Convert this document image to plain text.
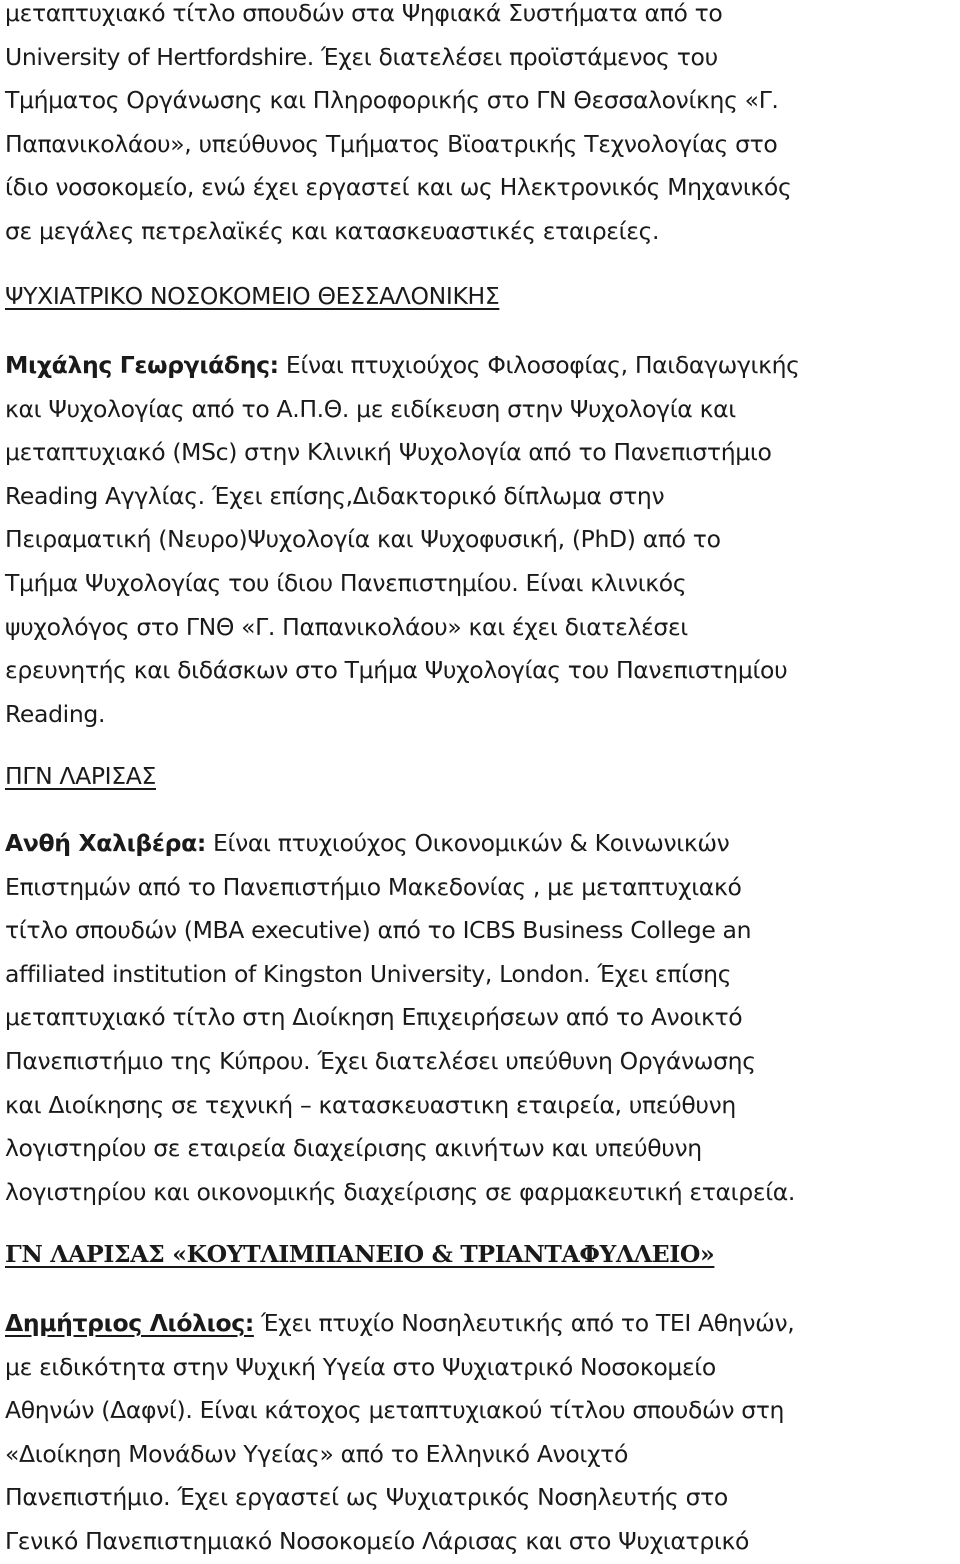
μεταπτυχιακό τίτλο σπουδών στα Ψηφιακά Συστήματα από το
University of Hertfordshire. Έχει διατελέσει προϊστάμενος του
Τμήματος Οργάνωσης και Πληροφορικής στο ΓΝ Θεσσαλονίκης «Γ.
Παπανικολάου», υπεύθυνος Τμήματος Βϊοατρικής Τεχνολογίας στο
ίδιο νοσοκομείο, ενώ έχει εργαστεί και ως Ηλεκτρονικός Μηχανικός
σε μεγάλες πετρελαϊκές και κατασκευαστικές εταιρείες.
ΨΥΧΙΑΤΡΙΚΟ ΝΟΣΟΚΟΜΕΙΟ ΘΕΣΣΑΛΟΝΙΚΗΣ
Μιχάλης Γεωργιάδης: Είναι πτυχιούχος Φιλοσοφίας, Παιδαγωγικής
και Ψυχολογίας από το Α.Π.Θ. με ειδίκευση στην Ψυχολογία και
μεταπτυχιακό (MSc) στην Κλινική Ψυχολογία από το Πανεπιστήμιο
Reading Αγγλίας. Έχει επίσης,Διδακτορικό δίπλωμα στην
Πειραματική (Νευρο)Ψυχολογία και Ψυχοφυσική, (PhD) από το
Τμήμα Ψυχολογίας του ίδιου Πανεπιστημίου. Είναι κλινικός
ψυχολόγος στο ΓΝΘ «Γ. Παπανικολάου» και έχει διατελέσει
ερευνητής και διδάσκων στο Τμήμα Ψυχολογίας του Πανεπιστημίου
Reading.
ΠΓΝ ΛΑΡΙΣΑΣ
Ανθή Χαλιβέρα: Είναι πτυχιούχος Οικονομικών & Κοινωνικών
Επιστημών από το Πανεπιστήμιο Μακεδονίας , με μεταπτυχιακό
τίτλο σπουδών (MBA executive) από το ICBS Business College an
affiliated institution of Kingston University, London. Έχει επίσης
μεταπτυχιακό τίτλο στη Διοίκηση Επιχειρήσεων από το Ανοικτό
Πανεπιστήμιο της Κύπρου. Έχει διατελέσει υπεύθυνη Οργάνωσης
και Διοίκησης σε τεχνική – κατασκευαστικη εταιρεία, υπεύθυνη
λογιστηρίου σε εταιρεία διαχείρισης ακινήτων και υπεύθυνη
λογιστηρίου και οικονομικής διαχείρισης σε φαρμακευτική εταιρεία.
ΓΝ ΛΑΡΙΣΑΣ «ΚΟΥΤΛΙΜΠΑΝΕΙΟ & ΤΡΙΑΝΤΑΦΥΛΛΕΙΟ»
Δημήτριος Λιόλιος: Έχει πτυχίο Νοσηλευτικής από το ΤΕΙ Αθηνών,
με ειδικότητα στην Ψυχική Υγεία στο Ψυχιατρικό Νοσοκομείο
Αθηνών (Δαφνί). Είναι κάτοχος μεταπτυχιακού τίτλου σπουδών στη
«Διοίκηση Μονάδων Υγείας» από το Ελληνικό Ανοιχτό
Πανεπιστήμιο. Έχει εργαστεί ως Ψυχιατρικός Νοσηλευτής στο
Γενικό Πανεπιστημιακό Νοσοκομείο Λάρισας και στο Ψυχιατρικό
